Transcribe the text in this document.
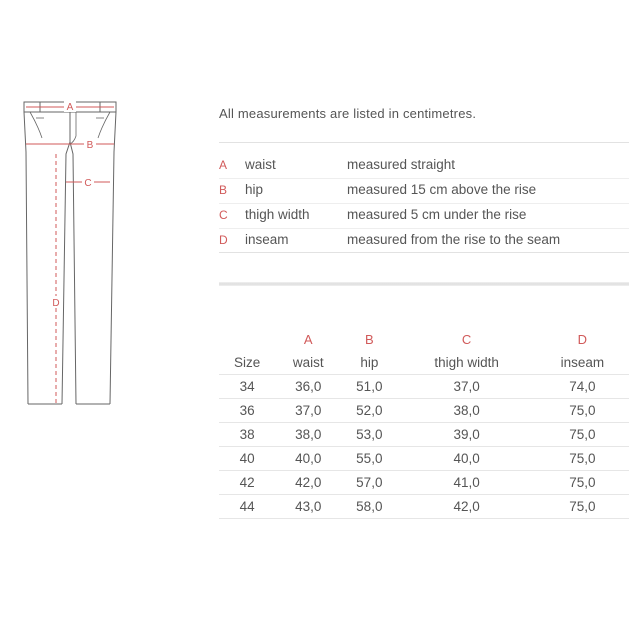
A
B
C
D
All measurements are listed in centimetres.
A waist	measured straight
B hip	measured 15 cm above the rise
C thigh width	measured 5 cm under the rise
D inseam	measured from the rise to the seam
	A	B	C	D
Size	waist	hip	thigh width	inseam
34	36,0	51,0	37,0	74,0
36	37,0	52,0	38,0	75,0
38	38,0	53,0	39,0	75,0
40	40,0	55,0	40,0	75,0
42	42,0	57,0	41,0	75,0
44	43,0	58,0	42,0	75,0
